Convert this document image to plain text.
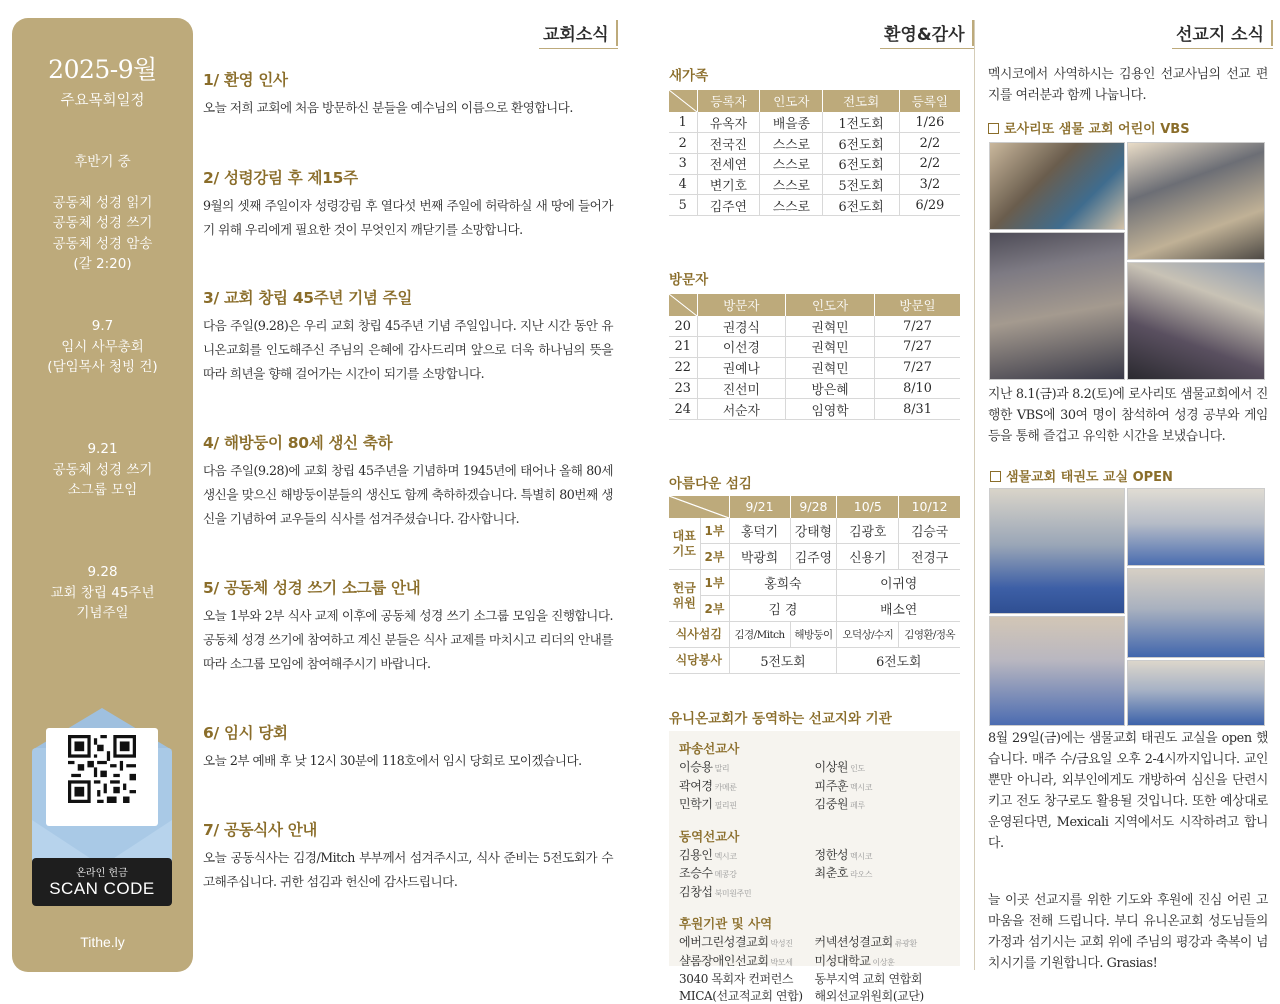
2025-9월
주요목회일정
후반기 중
공동체 성경 읽기
공동체 성경 쓰기
공동체 성경 암송
(갈 2:20)
9.7
임시 사무총회
(담임목사 청빙 건)
9.21
공동체 성경 쓰기
소그룹 모임
9.28
교회 창립 45주년
기념주일
온라인 헌금
SCAN CODE
Tithe.ly
교회소식	환영&감사	선교지 소식
1/ 환영 인사
오늘 저희 교회에 처음 방문하신 분들을 예수님의 이름으로 환영합니다.
2/ 성령강림 후 제15주
9월의 셋째 주일이자 성령강림 후 열다섯 번째 주일에 허락하실 새 땅에 들어가기 위해 우리에게 필요한 것이 무엇인지 깨닫기를 소망합니다.
3/ 교회 창립 45주년 기념 주일
다음 주일(9.28)은 우리 교회 창립 45주년 기념 주일입니다. 지난 시간 동안 유니온교회를 인도해주신 주님의 은혜에 감사드리며 앞으로 더욱 하나님의 뜻을 따라 희년을 향해 걸어가는 시간이 되기를 소망합니다.
4/ 해방둥이 80세 생신 축하
다음 주일(9.28)에 교회 창립 45주년을 기념하며 1945년에 태어나 올해 80세 생신을 맞으신 해방둥이분들의 생신도 함께 축하하겠습니다. 특별히 80번째 생신을 기념하여 교우들의 식사를 섬겨주셨습니다. 감사합니다.
5/ 공동체 성경 쓰기 소그룹 안내
오늘 1부와 2부 식사 교제 이후에 공동체 성경 쓰기 소그룹 모임을 진행합니다. 공동체 성경 쓰기에 참여하고 계신 분들은 식사 교제를 마치시고 리더의 안내를 따라 소그룹 모임에 참여해주시기 바랍니다.
6/ 임시 당회
오늘 2부 예배 후 낮 12시 30분에 118호에서 임시 당회로 모이겠습니다.
7/ 공동식사 안내
오늘 공동식사는 김경/Mitch 부부께서 섬겨주시고, 식사 준비는 5전도회가 수고해주십니다. 귀한 섬김과 헌신에 감사드립니다.
새가족
	등록자	인도자	전도회	등록일
1	유옥자	배을종	1전도회	1/26
2	전국진	스스로	6전도회	2/2
3	전세연	스스로	6전도회	2/2
4	변기호	스스로	5전도회	3/2
5	김주연	스스로	6전도회	6/29
방문자
	방문자	인도자	방문일
20	권경식	권혁민	7/27
21	이선경	권혁민	7/27
22	권예나	권혁민	7/27
23	진선미	방은혜	8/10
24	서순자	임영학	8/31
아름다운 섬김
		9/21	9/28	10/5	10/12
대표 기도	1부	홍덕기	강태형	김광호	김승국
	2부	박광희	김주영	신용기	전경구
헌금 위원	1부	홍희숙		이귀영	
	2부	김 경		배소연	
식사섬김		김경/Mitch	해방둥이	오덕상/수지	김영환/정옥
식당봉사		5전도회		6전도회	
유니온교회가 동역하는 선교지와 기관
파송선교사
이승용 말리	이상원 인도
곽여경 카메룬	피주훈 멕시코
민학기 필리핀	김중원 페루
동역선교사
김용인 멕시코	정한성 멕시코
조승수 메콩강	최춘호 라오스
김창섭 북미원주민
후원기관 및 사역
에버그린성결교회 박성진	커넥션성결교회 류광환
샬롬장애인선교회 박모세	미성대학교 이상훈
3040 목회자 컨퍼런스	동부지역 교회 연합회
MICA(선교적교회 연합) 해외선교위원회(교단)
멕시코에서 사역하시는 김용인 선교사님의 선교 편지를 여러분과 함께 나눕니다.
로사리또 샘물 교회 어린이 VBS
지난 8.1(금)과 8.2(토)에 로사리또 샘물교회에서 진행한 VBS에 30여 명이 참석하여 성경 공부와 게임 등을 통해 즐겁고 유익한 시간을 보냈습니다.
샘물교회 태권도 교실 OPEN
8월 29일(금)에는 샘물교회 태권도 교실을 open 했습니다. 매주 수/금요일 오후 2-4시까지입니다. 교인뿐만 아니라, 외부인에게도 개방하여 심신을 단련시키고 전도 창구로도 활용될 것입니다. 또한 예상대로 운영된다면, Mexicali 지역에서도 시작하려고 합니다.
늘 이곳 선교지를 위한 기도와 후원에 진심 어린 고마움을 전해 드립니다. 부디 유니온교회 성도님들의 가정과 섬기시는 교회 위에 주님의 평강과 축복이 넘치시기를 기원합니다. Grasias!
